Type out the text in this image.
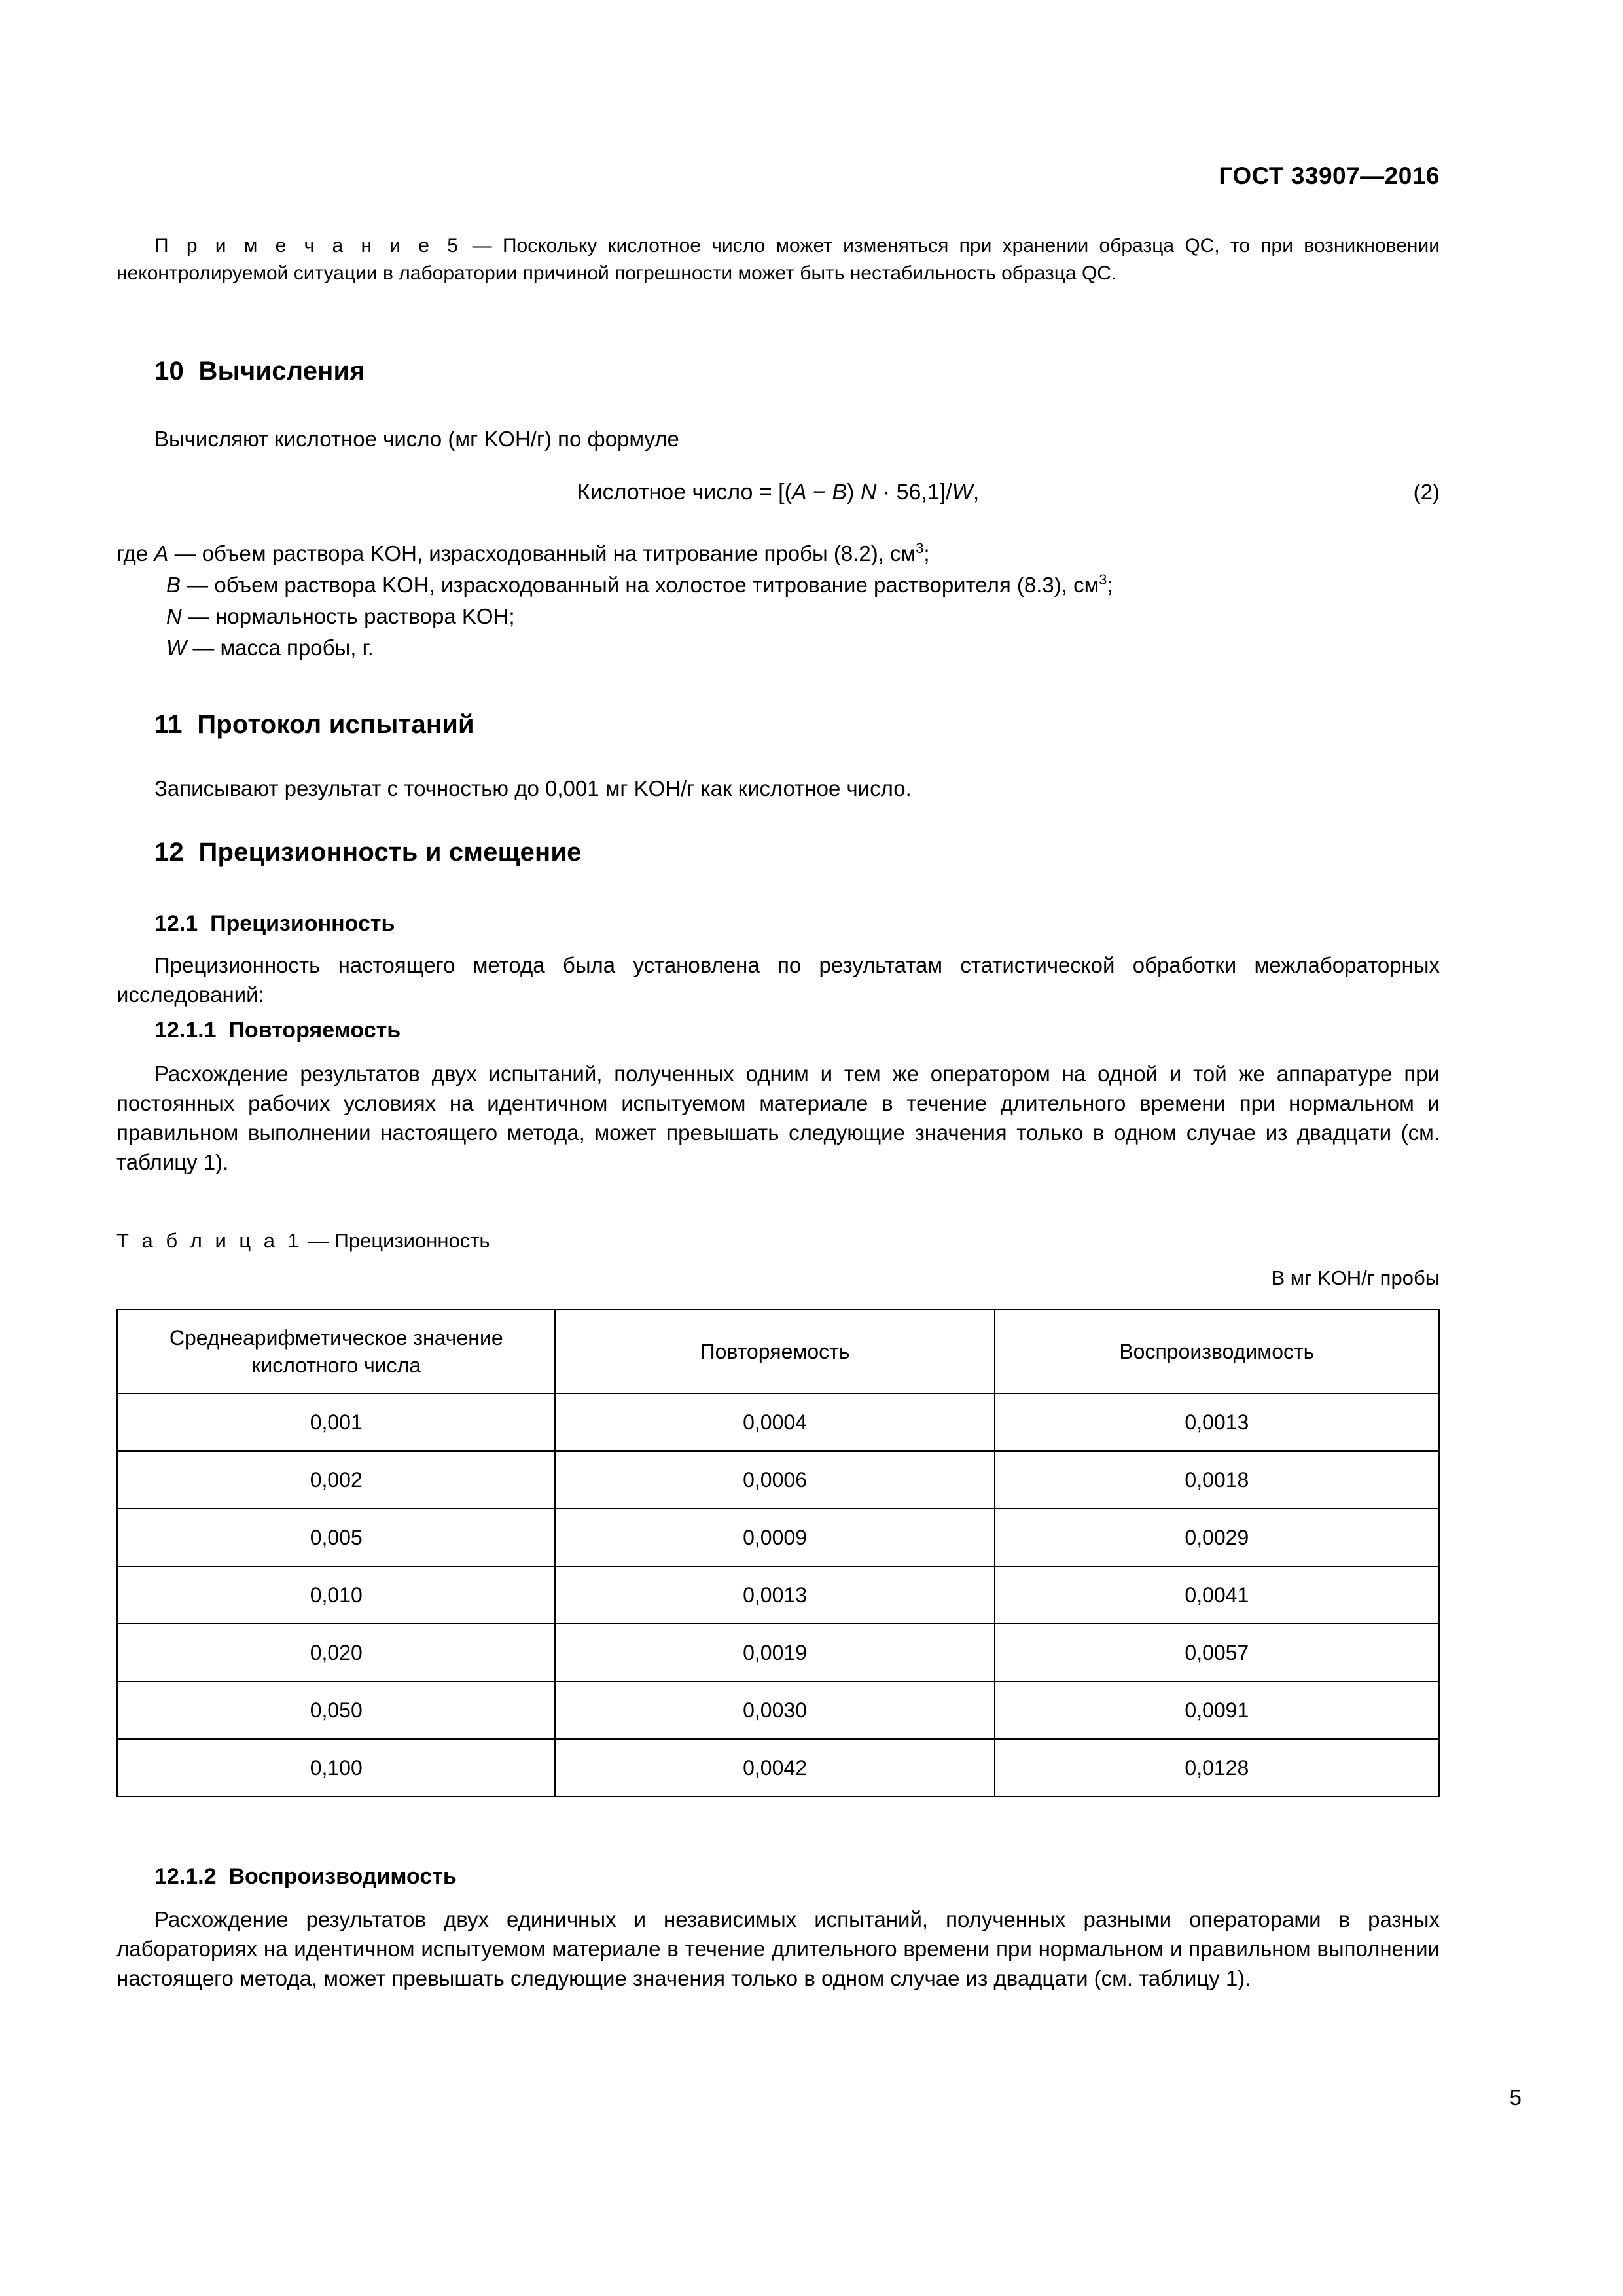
ГОСТ 33907—2016

П р и м е ч а н и е 5 — Поскольку кислотное число может изменяться при хранении образца QC, то при возникновении неконтролируемой ситуации в лаборатории причиной погрешности может быть нестабильность образца QC.

10 Вычисления

Вычисляют кислотное число (мг KOH/г) по формуле

Кислотное число = [(A − B) N · 56,1]/W,	(2)
где A — объем раствора KOH, израсходованный на титрование пробы (8.2), $см^3$;
B — объем раствора KOH, израсходованный на холостое титрование растворителя (8.3), $см^3$;
N — нормальность раствора KOH;
W — масса пробы, г.
11 Протокол испытаний

Записывают результат с точностью до 0,001 мг KOH/г как кислотное число.

12 Прецизионность и смещение
12.1 Прецизионность

Прецизионность настоящего метода была установлена по результатам статистической обработки межлабораторных исследований:

12.1.1 Повторяемость

Расхождение результатов двух испытаний, полученных одним и тем же оператором на одной и той же аппаратуре при постоянных рабочих условиях на идентичном испытуемом материале в течение длительного времени при нормальном и правильном выполнении настоящего метода, может превышать следующие значения только в одном случае из двадцати (см. таблицу 1).

Т а б л и ц а 1 — Прецизионность
В мг KOH/г пробы
Среднеарифметическое значение
кислотного числа	Повторяемость	Воспроизводимость
0,001	0,0004	0,0013
0,002	0,0006	0,0018
0,005	0,0009	0,0029
0,010	0,0013	0,0041
0,020	0,0019	0,0057
0,050	0,0030	0,0091
0,100	0,0042	0,0128
12.1.2 Воспроизводимость

Расхождение результатов двух единичных и независимых испытаний, полученных разными операторами в разных лабораториях на идентичном испытуемом материале в течение длительного времени при нормальном и правильном выполнении настоящего метода, может превышать следующие значения только в одном случае из двадцати (см. таблицу 1).

5
